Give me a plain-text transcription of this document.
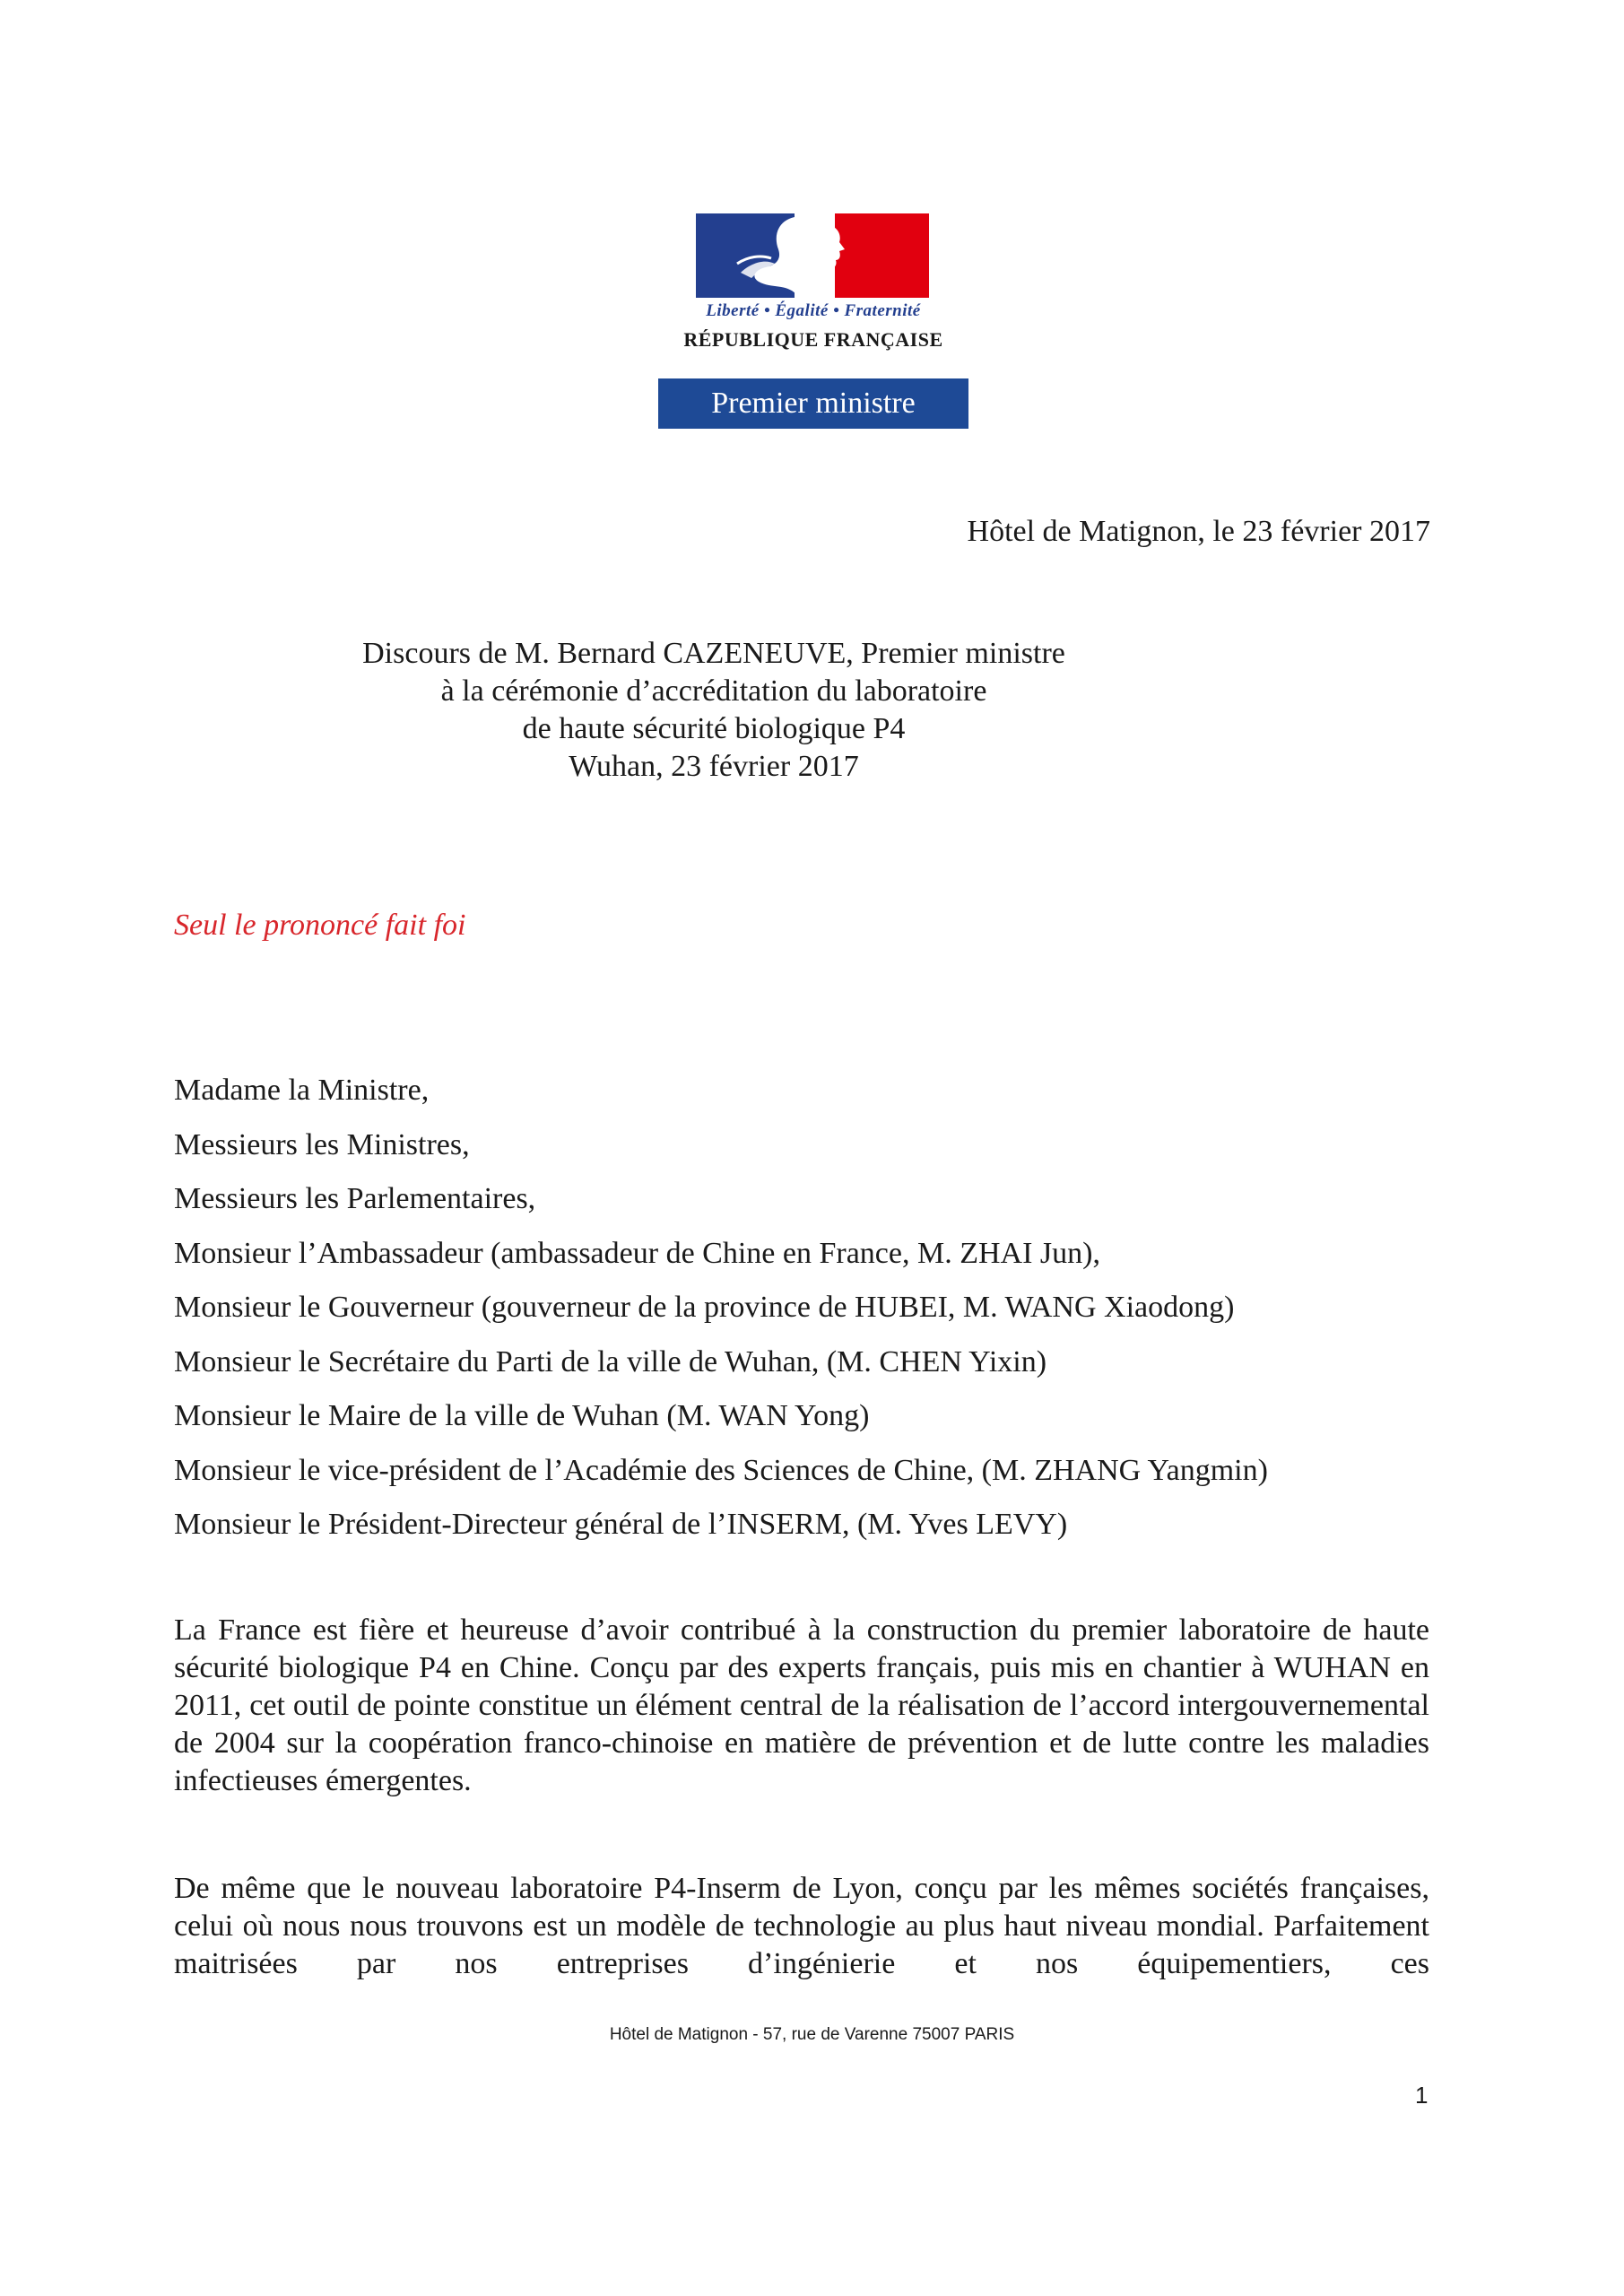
Liberté • Égalité • Fraternité
RÉPUBLIQUE FRANÇAISE
Premier ministre
Hôtel de Matignon, le 23 février 2017
Discours de M. Bernard CAZENEUVE, Premier ministre
à la cérémonie d’accréditation du laboratoire
de haute sécurité biologique P4
Wuhan, 23 février 2017
Seul le prononcé fait foi
Madame la Ministre,
Messieurs les Ministres,
Messieurs les Parlementaires,
Monsieur l’Ambassadeur (ambassadeur de Chine en France, M. ZHAI Jun),
Monsieur le Gouverneur (gouverneur de la province de HUBEI, M. WANG Xiaodong)
Monsieur le Secrétaire du Parti de la ville de Wuhan, (M. CHEN Yixin)
Monsieur le Maire de la ville de Wuhan (M. WAN Yong)
Monsieur le vice-président de l’Académie des Sciences de Chine, (M. ZHANG Yangmin)
Monsieur le Président-Directeur général de l’INSERM, (M. Yves LEVY)
La France est fière et heureuse d’avoir contribué à la construction du premier laboratoire de haute sécurité biologique P4 en Chine. Conçu par des experts français, puis mis en chantier à WUHAN en 2011, cet outil de pointe constitue un élément central de la réalisation de l’accord intergouvernemental de 2004 sur la coopération franco-chinoise en matière de prévention et de lutte contre les maladies infectieuses émergentes.
De même que le nouveau laboratoire P4-Inserm de Lyon, conçu par les mêmes sociétés françaises, celui où nous nous trouvons est un modèle de technologie au plus haut niveau mondial. Parfaitement maitrisées par nos entreprises d’ingénierie et nos équipementiers, ces
Hôtel de Matignon - 57, rue de Varenne 75007 PARIS
1
